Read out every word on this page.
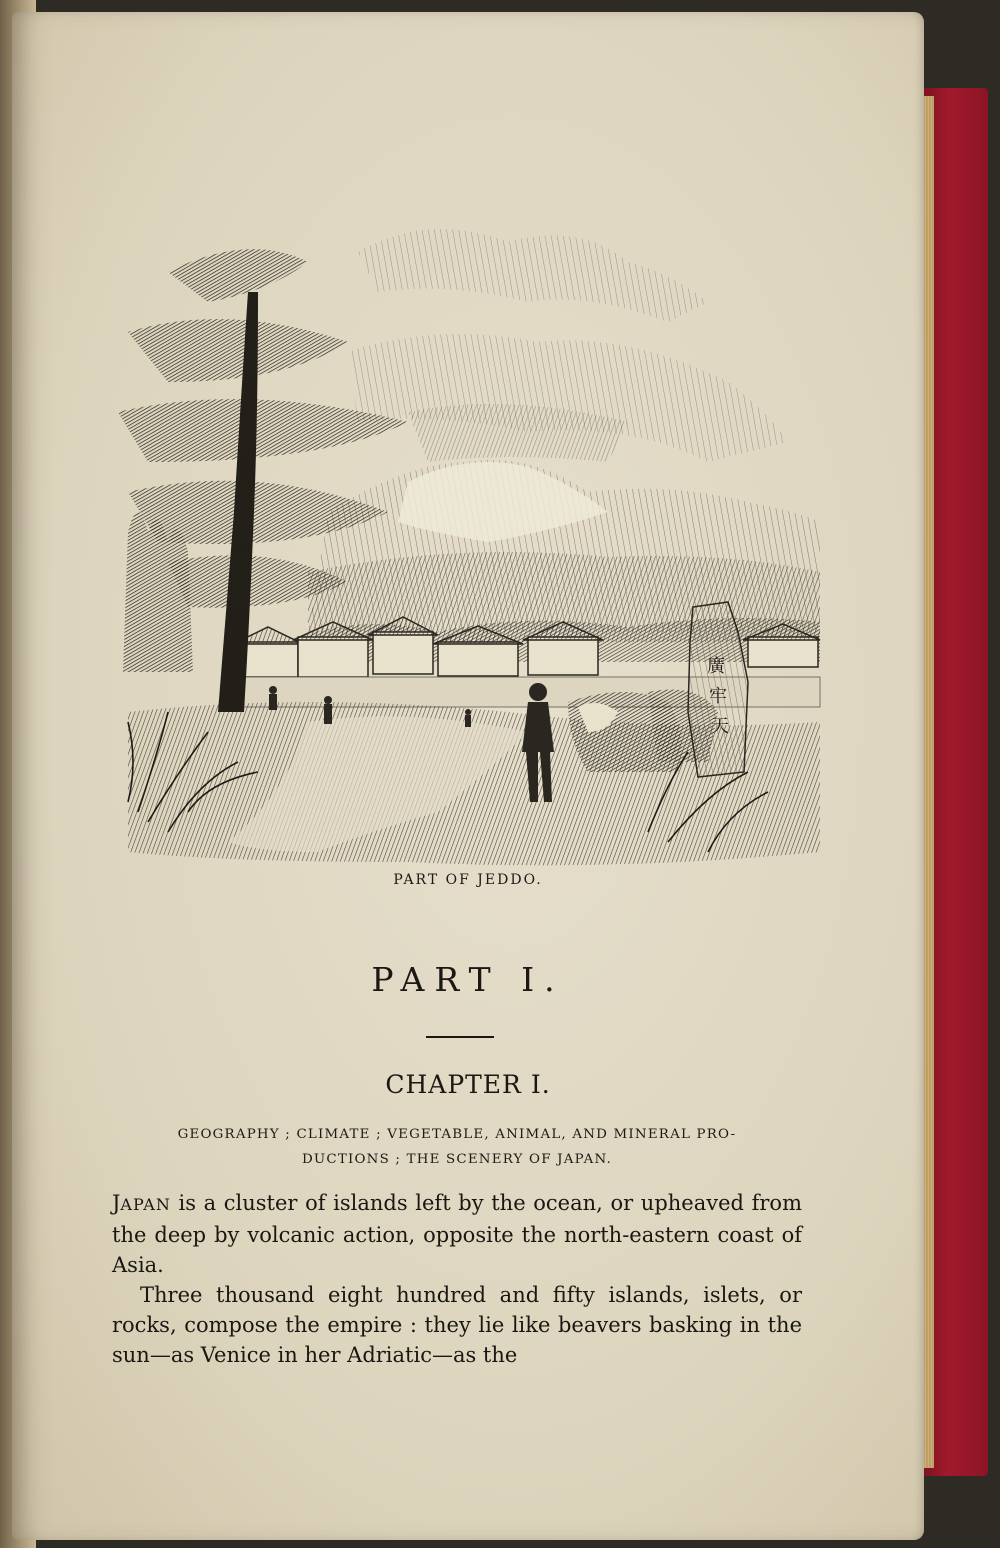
廣
牢
天
PART OF JEDDO.
PART I.
CHAPTER I.
GEOGRAPHY ; CLIMATE ; VEGETABLE, ANIMAL, AND MINERAL PRO-
DUCTIONS ; THE SCENERY OF JAPAN.

JAPAN is a cluster of islands left by the ocean, or upheaved from the deep by volcanic action, opposite the north-eastern coast of Asia.

Three thousand eight hundred and fifty islands, islets, or rocks, compose the empire : they lie like beavers basking in the sun—as Venice in her Adriatic—as the
